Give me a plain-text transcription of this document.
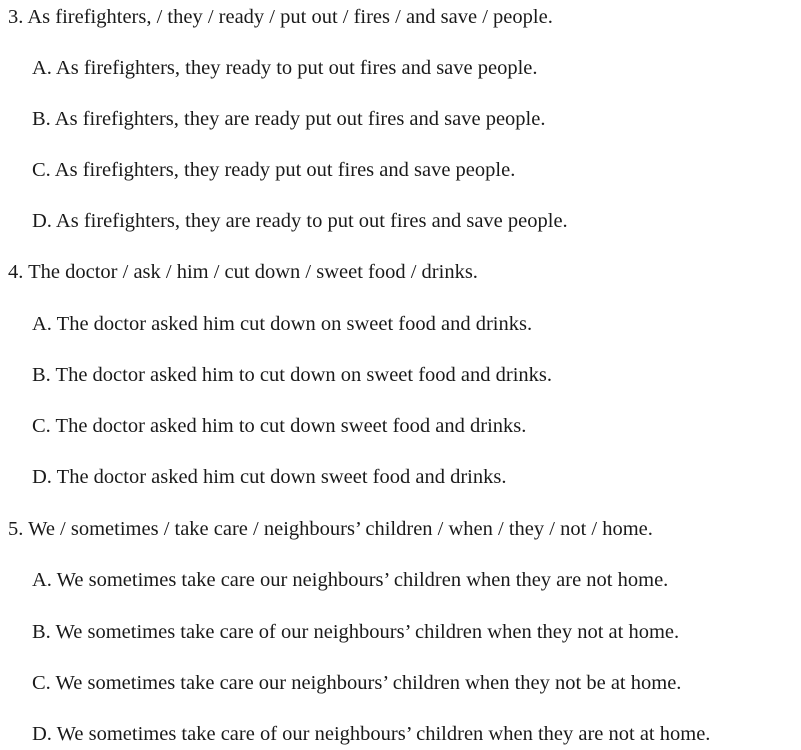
3. As firefighters, / they / ready / put out / fires / and save / people.
A. As firefighters, they ready to put out fires and save people.
B. As firefighters, they are ready put out fires and save people.
C. As firefighters, they ready put out fires and save people.
D. As firefighters, they are ready to put out fires and save people.
4. The doctor / ask / him / cut down / sweet food / drinks.
A. The doctor asked him cut down on sweet food and drinks.
B. The doctor asked him to cut down on sweet food and drinks.
C. The doctor asked him to cut down sweet food and drinks.
D. The doctor asked him cut down sweet food and drinks.
5. We / sometimes / take care / neighbours’ children / when / they / not / home.
A. We sometimes take care our neighbours’ children when they are not home.
B. We sometimes take care of our neighbours’ children when they not at home.
C. We sometimes take care our neighbours’ children when they not be at home.
D. We sometimes take care of our neighbours’ children when they are not at home.
